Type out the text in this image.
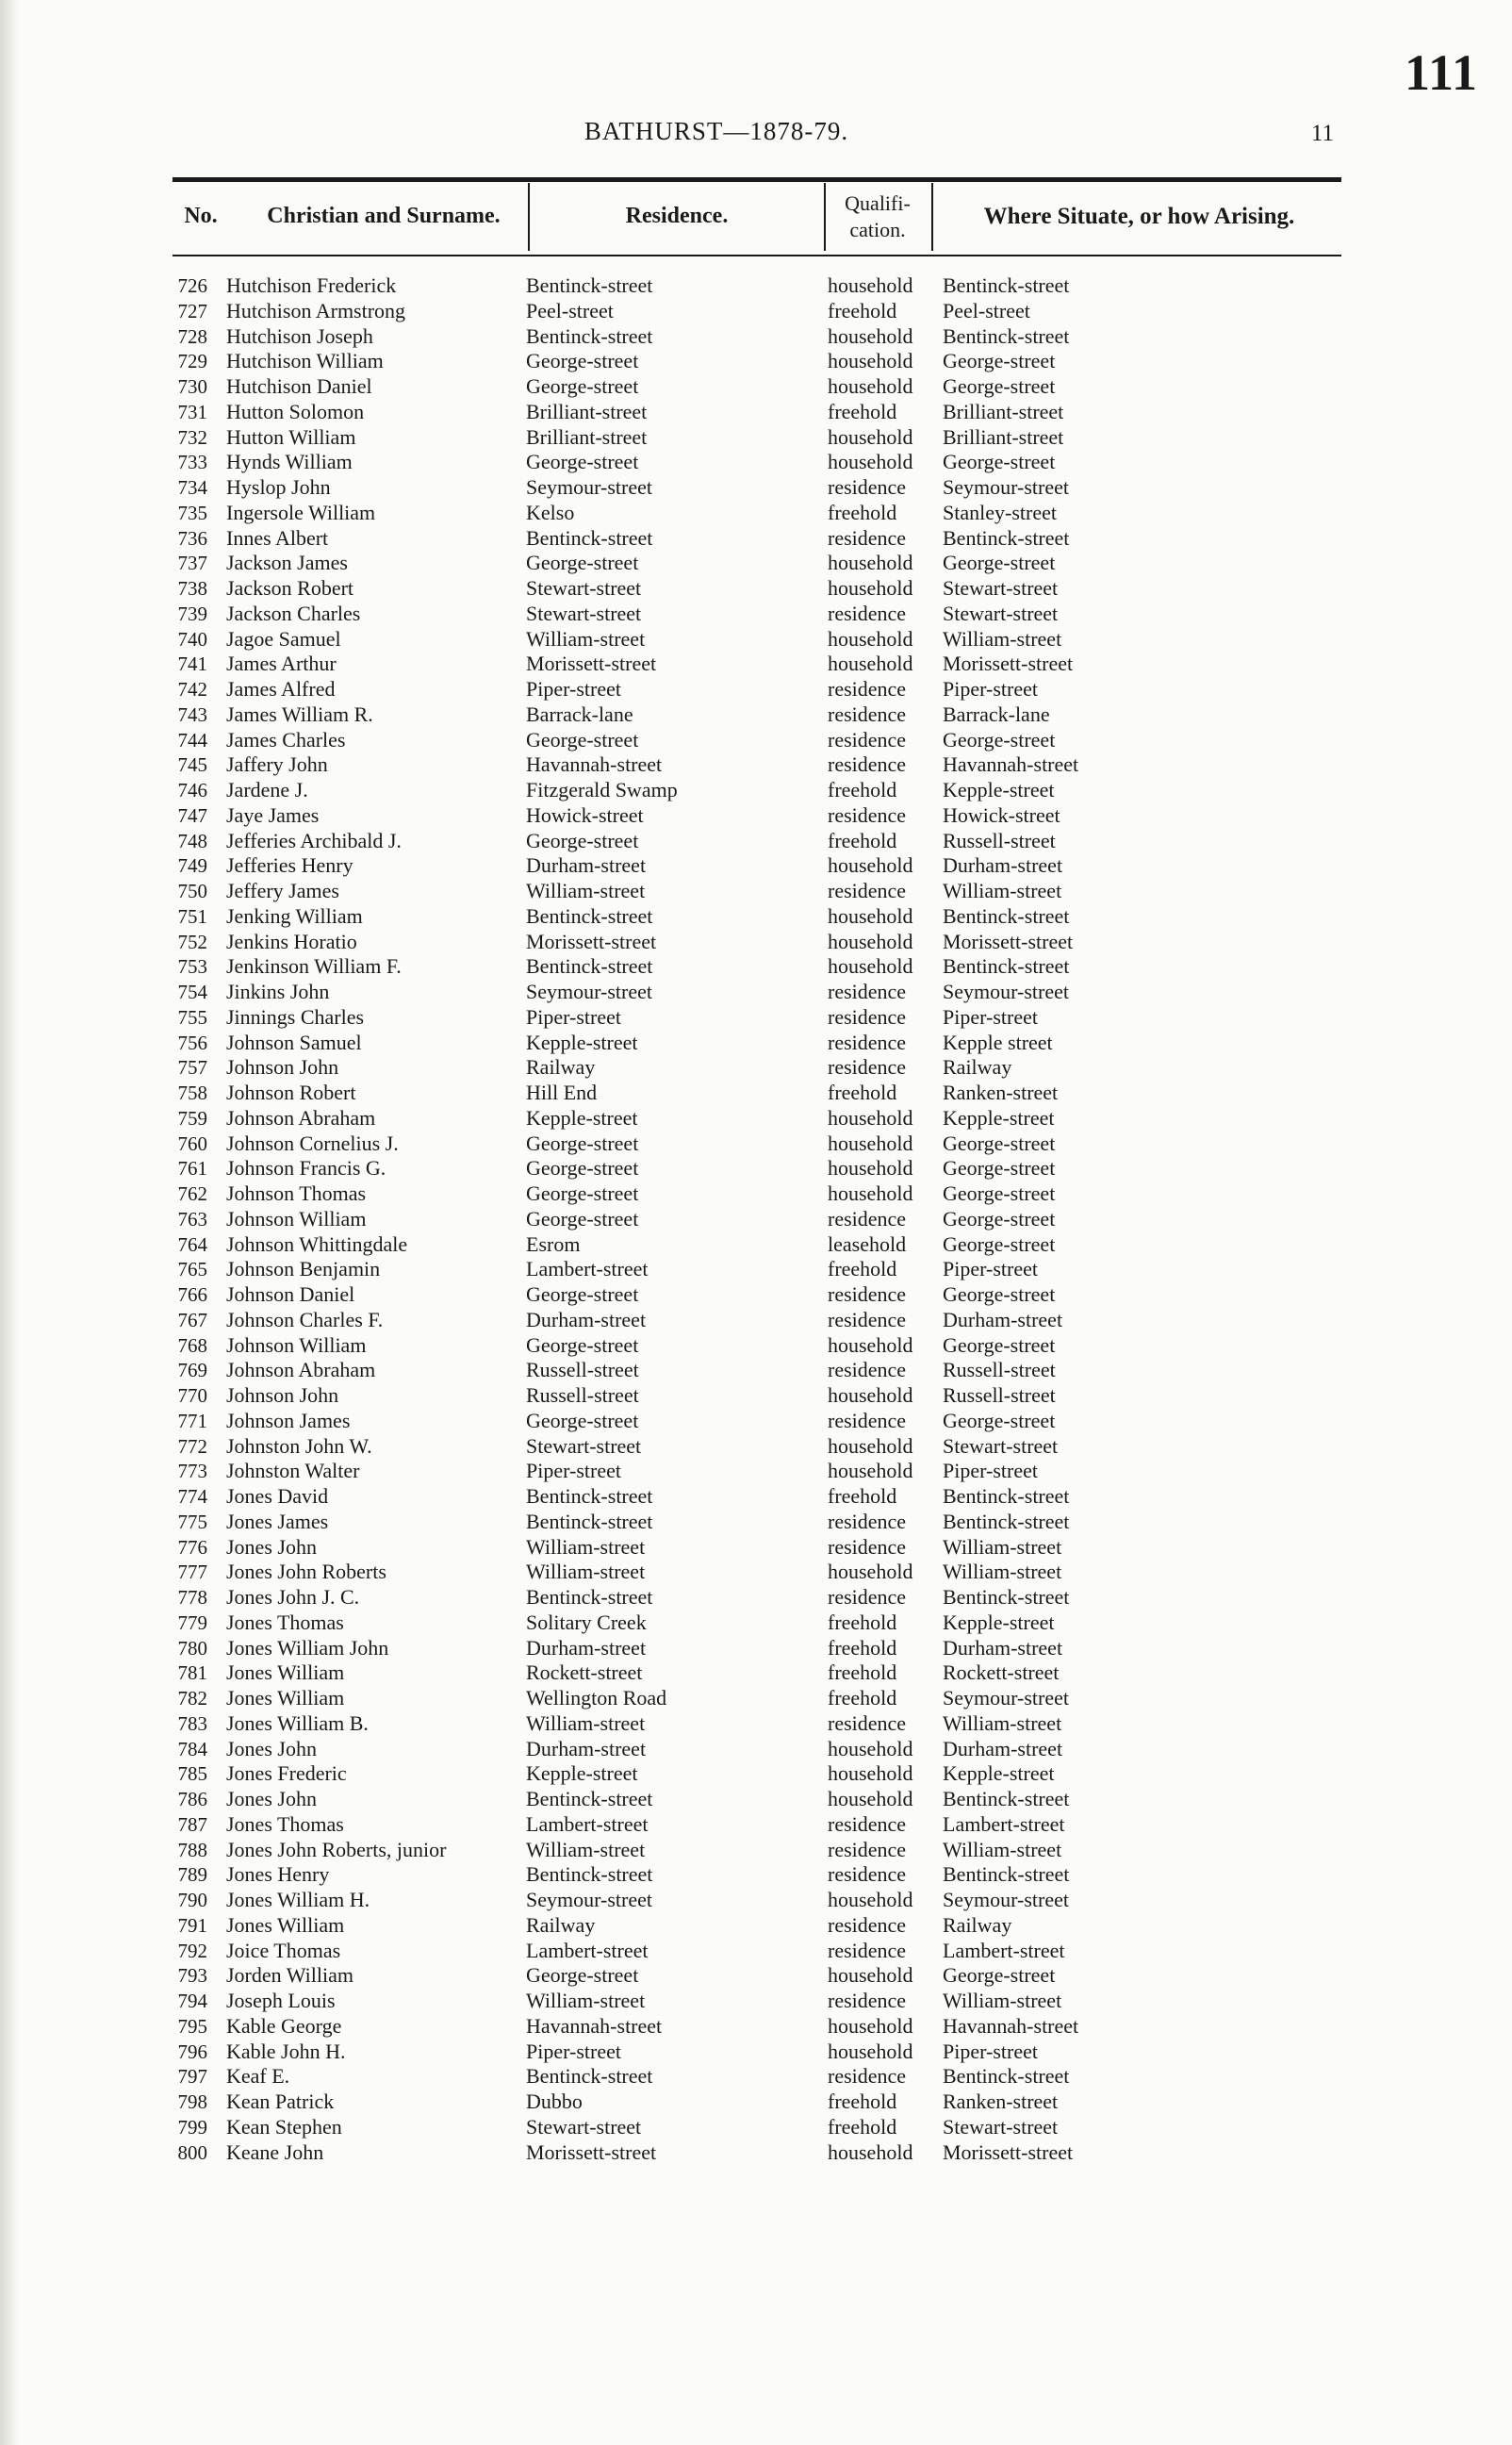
111
BATHURST—1878-79.	11
No.	Christian and Surname.	Residence.
Qualifi-
cation.
Where Situate, or how Arising.
726 Hutchison Frederick	Bentinck-street	household Bentinck-street
727 Hutchison Armstrong	Peel-street	freehold Peel-street
728 Hutchison Joseph	Bentinck-street	household Bentinck-street
729 Hutchison William	George-street	household George-street
730 Hutchison Daniel	George-street	household George-street
731 Hutton Solomon	Brilliant-street	freehold Brilliant-street
732 Hutton William	Brilliant-street	household Brilliant-street
733 Hynds William	George-street	household George-street
734 Hyslop John	Seymour-street	residence Seymour-street
735 Ingersole William	Kelso	freehold Stanley-street
736 Innes Albert	Bentinck-street	residence Bentinck-street
737 Jackson James	George-street	household George-street
738 Jackson Robert	Stewart-street	household Stewart-street
739 Jackson Charles	Stewart-street	residence Stewart-street
740 Jagoe Samuel	William-street	household William-street
741 James Arthur	Morissett-street	household Morissett-street
742 James Alfred	Piper-street	residence Piper-street
743 James William R.	Barrack-lane	residence Barrack-lane
744 James Charles	George-street	residence George-street
745 Jaffery John	Havannah-street	residence Havannah-street
746 Jardene J.	Fitzgerald Swamp	freehold Kepple-street
747 Jaye James	Howick-street	residence Howick-street
748 Jefferies Archibald J.	George-street	freehold Russell-street
749 Jefferies Henry	Durham-street	household Durham-street
750 Jeffery James	William-street	residence William-street
751 Jenking William	Bentinck-street	household Bentinck-street
752 Jenkins Horatio	Morissett-street	household Morissett-street
753 Jenkinson William F.	Bentinck-street	household Bentinck-street
754 Jinkins John	Seymour-street	residence Seymour-street
755 Jinnings Charles	Piper-street	residence Piper-street
756 Johnson Samuel	Kepple-street	residence Kepple street
757 Johnson John	Railway	residence Railway
758 Johnson Robert	Hill End	freehold Ranken-street
759 Johnson Abraham	Kepple-street	household Kepple-street
760 Johnson Cornelius J.	George-street	household George-street
761 Johnson Francis G.	George-street	household George-street
762 Johnson Thomas	George-street	household George-street
763 Johnson William	George-street	residence George-street
764 Johnson Whittingdale	Esrom	leasehold George-street
765 Johnson Benjamin	Lambert-street	freehold Piper-street
766 Johnson Daniel	George-street	residence George-street
767 Johnson Charles F.	Durham-street	residence Durham-street
768 Johnson William	George-street	household George-street
769 Johnson Abraham	Russell-street	residence Russell-street
770 Johnson John	Russell-street	household Russell-street
771 Johnson James	George-street	residence George-street
772 Johnston John W.	Stewart-street	household Stewart-street
773 Johnston Walter	Piper-street	household Piper-street
774 Jones David	Bentinck-street	freehold Bentinck-street
775 Jones James	Bentinck-street	residence Bentinck-street
776 Jones John	William-street	residence William-street
777 Jones John Roberts	William-street	household William-street
778 Jones John J. C.	Bentinck-street	residence Bentinck-street
779 Jones Thomas	Solitary Creek	freehold Kepple-street
780 Jones William John	Durham-street	freehold Durham-street
781 Jones William	Rockett-street	freehold Rockett-street
782 Jones William	Wellington Road	freehold Seymour-street
783 Jones William B.	William-street	residence William-street
784 Jones John	Durham-street	household Durham-street
785 Jones Frederic	Kepple-street	household Kepple-street
786 Jones John	Bentinck-street	household Bentinck-street
787 Jones Thomas	Lambert-street	residence Lambert-street
788 Jones John Roberts, junior	William-street	residence William-street
789 Jones Henry	Bentinck-street	residence Bentinck-street
790 Jones William H.	Seymour-street	household Seymour-street
791 Jones William	Railway	residence Railway
792 Joice Thomas	Lambert-street	residence Lambert-street
793 Jorden William	George-street	household George-street
794 Joseph Louis	William-street	residence William-street
795 Kable George	Havannah-street	household Havannah-street
796 Kable John H.	Piper-street	household Piper-street
797 Keaf E.	Bentinck-street	residence Bentinck-street
798 Kean Patrick	Dubbo	freehold Ranken-street
799 Kean Stephen	Stewart-street	freehold Stewart-street
800 Keane John	Morissett-street	household Morissett-street
